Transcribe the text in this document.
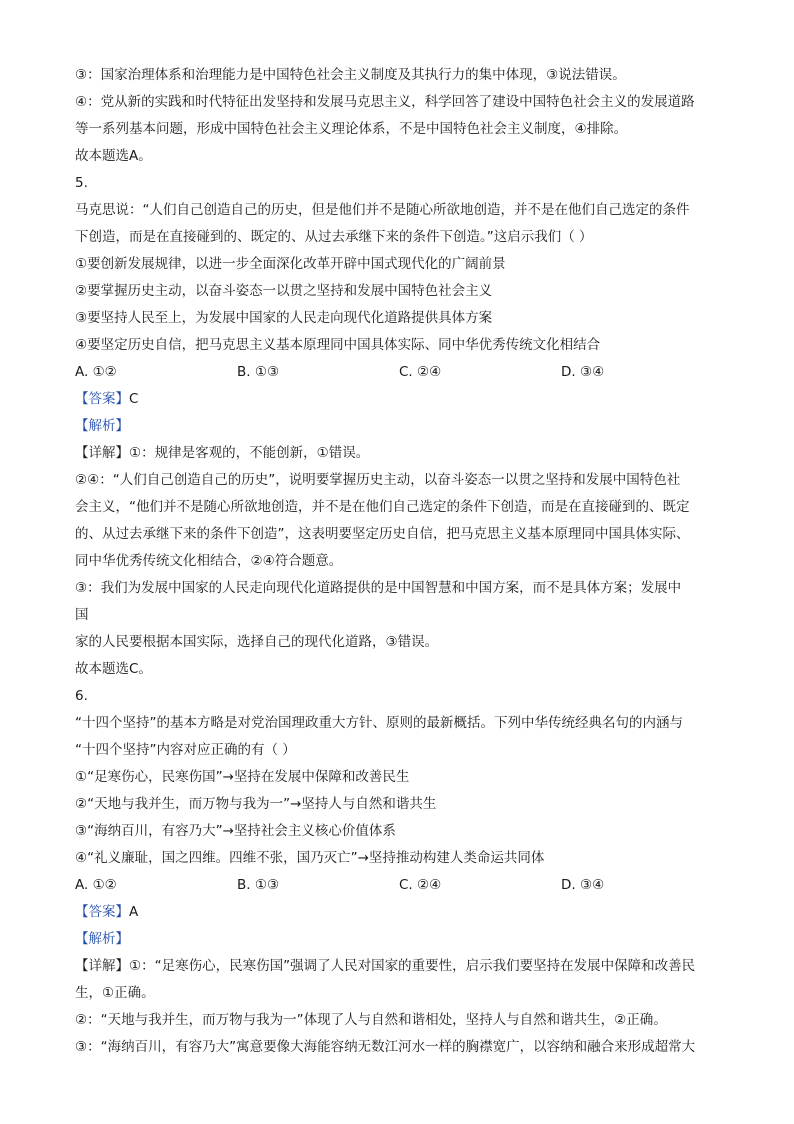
③：国家治理体系和治理能力是中国特色社会主义制度及其执行力的集中体现，③说法错误。
④：党从新的实践和时代特征出发坚持和发展马克思主义，科学回答了建设中国特色社会主义的发展道路
等一系列基本问题，形成中国特色社会主义理论体系，不是中国特色社会主义制度，④排除。
故本题选A。
5.
马克思说：“人们自己创造自己的历史，但是他们并不是随心所欲地创造，并不是在他们自己选定的条件
下创造，而是在直接碰到的、既定的、从过去承继下来的条件下创造。”这启示我们（ ）
①要创新发展规律，以进一步全面深化改革开辟中国式现代化的广阔前景
②要掌握历史主动，以奋斗姿态一以贯之坚持和发展中国特色社会主义
③要坚持人民至上，为发展中国家的人民走向现代化道路提供具体方案
④要坚定历史自信，把马克思主义基本原理同中国具体实际、同中华优秀传统文化相结合
A. ①②	B. ①③	C. ②④	D. ③④
【答案】C
【解析】
【详解】①：规律是客观的，不能创新，①错误。
②④：“人们自己创造自己的历史”，说明要掌握历史主动，以奋斗姿态一以贯之坚持和发展中国特色社
会主义，“他们并不是随心所欲地创造，并不是在他们自己选定的条件下创造，而是在直接碰到的、既定
的、从过去承继下来的条件下创造”，这表明要坚定历史自信，把马克思主义基本原理同中国具体实际、
同中华优秀传统文化相结合，②④符合题意。
③：我们为发展中国家的人民走向现代化道路提供的是中国智慧和中国方案，而不是具体方案；发展中
国
家的人民要根据本国实际，选择自己的现代化道路，③错误。
故本题选C。
6.
“十四个坚持”的基本方略是对党治国理政重大方针、原则的最新概括。下列中华传统经典名句的内涵与
“十四个坚持”内容对应正确的有（ ）
①“足寒伤心，民寒伤国”→坚持在发展中保障和改善民生
②“天地与我并生，而万物与我为一”→坚持人与自然和谐共生
③“海纳百川，有容乃大”→坚持社会主义核心价值体系
④“礼义廉耻，国之四维。四维不张，国乃灭亡”→坚持推动构建人类命运共同体
A. ①②	B. ①③	C. ②④	D. ③④
【答案】A
【解析】
【详解】①：“足寒伤心，民寒伤国”强调了人民对国家的重要性，启示我们要坚持在发展中保障和改善民
生，①正确。
②：“天地与我并生，而万物与我为一”体现了人与自然和谐相处，坚持人与自然和谐共生，②正确。
③：“海纳百川，有容乃大”寓意要像大海能容纳无数江河水一样的胸襟宽广，以容纳和融合来形成超常大
